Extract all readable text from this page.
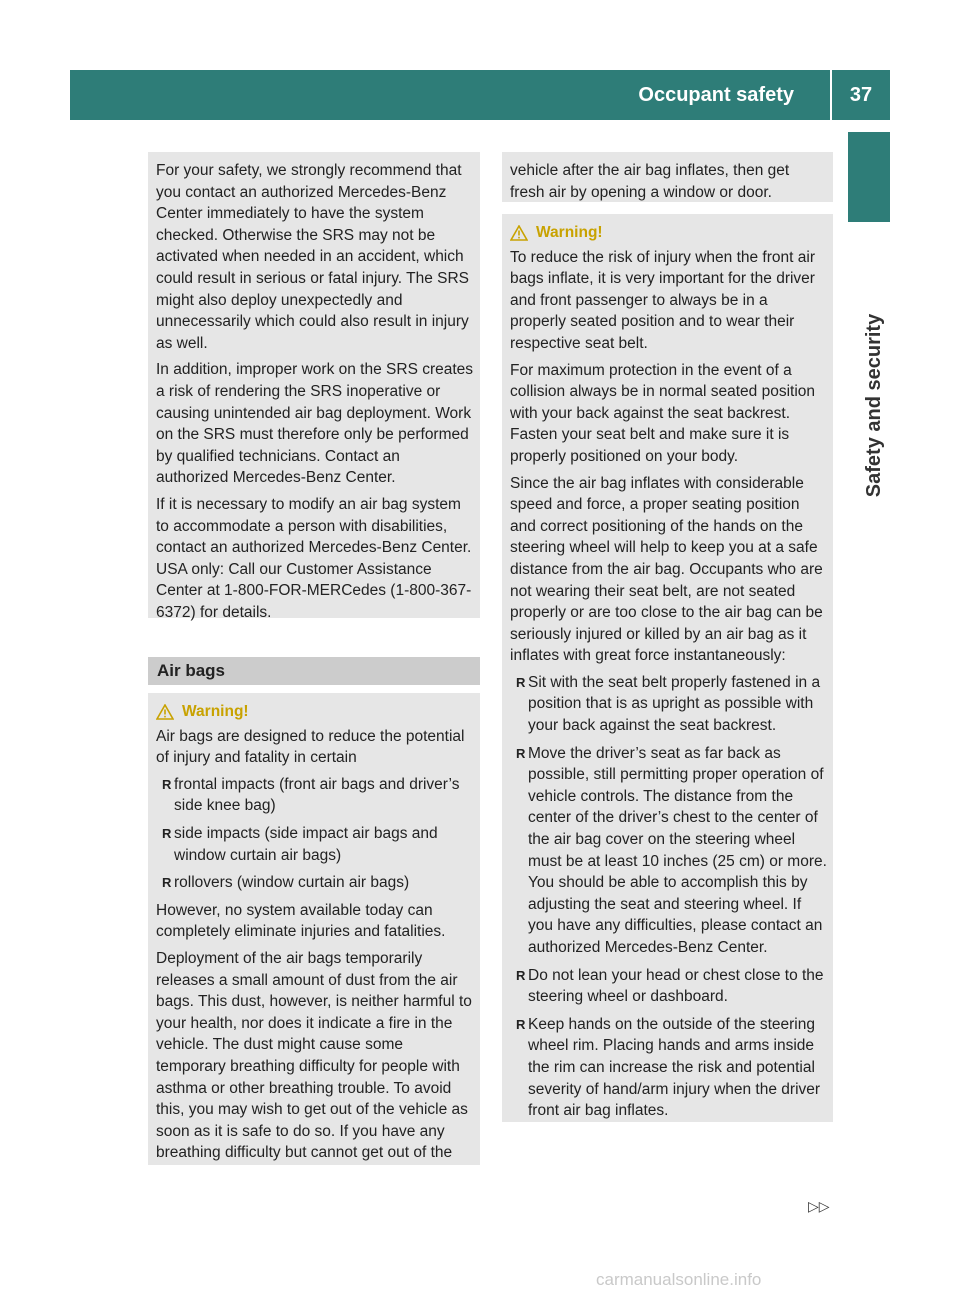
Occupant safety	37
Safety and security

For your safety, we strongly recommend that you contact an authorized Mercedes-Benz Center immediately to have the system checked. Otherwise the SRS may not be activated when needed in an accident, which could result in serious or fatal injury. The SRS might also deploy unexpectedly and unnecessarily which could also result in injury as well.

In addition, improper work on the SRS creates a risk of rendering the SRS inoperative or causing unintended air bag deployment. Work on the SRS must therefore only be performed by qualified technicians. Contact an authorized Mercedes-Benz Center.

If it is necessary to modify an air bag system to accommodate a person with disabilities, contact an authorized Mercedes-Benz Center. USA only: Call our Customer Assistance Center at 1-800-FOR-MERCedes (1-800-367-6372) for details.

Air bags
Warning!

Air bags are designed to reduce the potential of injury and fatality in certain

R frontal impacts (front air bags and driver’s side knee bag)
R side impacts (side impact air bags and window curtain air bags)
R rollovers (window curtain air bags)

However, no system available today can completely eliminate injuries and fatalities.

Deployment of the air bags temporarily releases a small amount of dust from the air bags. This dust, however, is neither harmful to your health, nor does it indicate a fire in the vehicle. The dust might cause some temporary breathing difficulty for people with asthma or other breathing trouble. To avoid this, you may wish to get out of the vehicle as soon as it is safe to do so. If you have any breathing difficulty but cannot get out of the

vehicle after the air bag inflates, then get fresh air by opening a window or door.

Warning!

To reduce the risk of injury when the front air bags inflate, it is very important for the driver and front passenger to always be in a properly seated position and to wear their respective seat belt.

For maximum protection in the event of a collision always be in normal seated position with your back against the seat backrest. Fasten your seat belt and make sure it is properly positioned on your body.

Since the air bag inflates with considerable speed and force, a proper seating position and correct positioning of the hands on the steering wheel will help to keep you at a safe distance from the air bag. Occupants who are not wearing their seat belt, are not seated properly or are too close to the air bag can be seriously injured or killed by an air bag as it inflates with great force instantaneously:

R Sit with the seat belt properly fastened in a position that is as upright as possible with your back against the seat backrest.
R Move the driver’s seat as far back as possible, still permitting proper operation of vehicle controls. The distance from the center of the driver’s chest to the center of the air bag cover on the steering wheel must be at least 10 inches (25 cm) or more. You should be able to accomplish this by adjusting the seat and steering wheel. If you have any difficulties, please contact an authorized Mercedes-Benz Center.
R Do not lean your head or chest close to the steering wheel or dashboard.
R Keep hands on the outside of the steering wheel rim. Placing hands and arms inside the rim can increase the risk and potential severity of hand/arm injury when the driver front air bag inflates.
▷▷
carmanualsonline.info
